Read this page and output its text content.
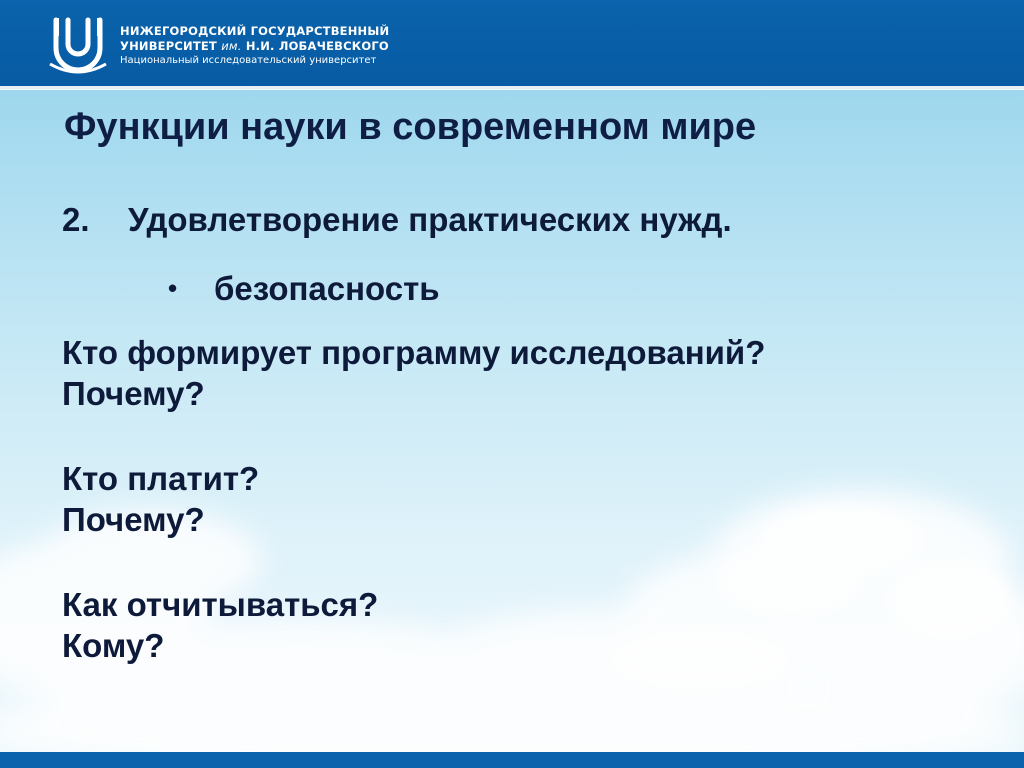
НИЖЕГОРОДСКИЙ ГОСУДАРСТВЕННЫЙ
УНИВЕРСИТЕТ им. Н.И. ЛОБАЧЕВСКОГО
Национальный исследовательский университет
Функции науки в современном мире
2. Удовлетворение практических нужд.
• безопасность
Кто формирует программу исследований?
Почему?
Кто платит?
Почему?
Как отчитываться?
Кому?
